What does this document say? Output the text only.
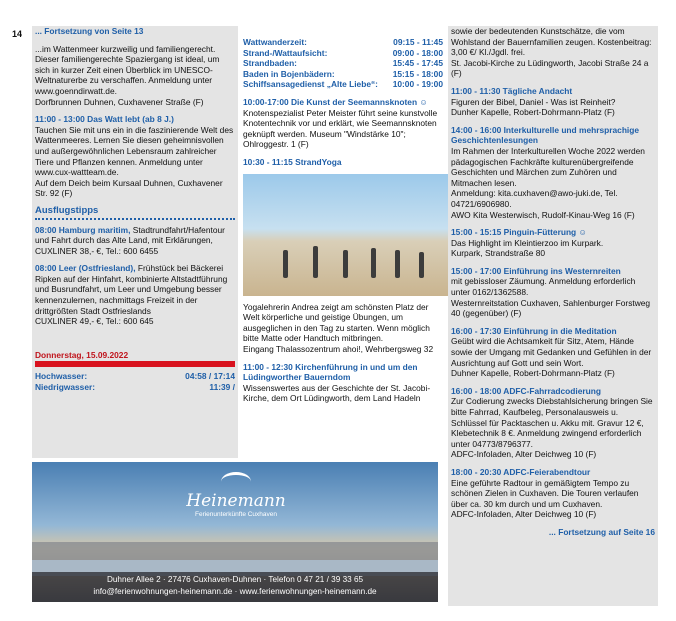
14 ... Fortsetzung von Seite 13
...im Wattenmeer kurzweilig und familiengerecht. Dieser familiengerechte Spaziergang ist ideal, um sich in kurzer Zeit einen Überblick im UNESCO-Weltnaturerbe zu verschaffen. Anmeldung unter www.goenndirwatt.de.
Dorfbrunnen Duhnen, Cuxhavener Straße (F)
11:00 - 13:00 Das Watt lebt (ab 8 J.)
Tauchen Sie mit uns ein in die faszinierende Welt des Wattenmeeres. Lernen Sie diesen geheimnisvollen und außergewöhnlichen Lebensraum zahlreicher Tiere und Pflanzen kennen. Anmeldung unter www.cux-wattteam.de.
Auf dem Deich beim Kursaal Duhnen, Cuxhavener Str. 92 (F)
Ausflugstipps
08:00 Hamburg maritim, Stadtrundfahrt/Hafentour und Fahrt durch das Alte Land, mit Erklärungen, CUXLINER 38,- €, Tel.: 600 6455
08:00 Leer (Ostfriesland), Frühstück bei Bäckerei Ripken auf der Hinfahrt, kombinierte Altstadtführung und Busrundfahrt, um Leer und Umgebung besser kennenzulernen, nachmittags Freizeit in der drittgrößten Stadt Ostfrieslands
CUXLINER 49,- €, Tel.: 600 645
Donnerstag, 15.09.2022
Hochwasser:	04:58 / 17:14
Niedrigwasser:	11:39 /
Wattwanderzeit:	09:15 - 11:45
Strand-/Wattaufsicht:	09:00 - 18:00
Strandbaden:	15:45 - 17:45
Baden in Bojenbädern:	15:15 - 18:00
Schiffsansagedienst „Alte Liebe“:	10:00 - 19:00
10:00-17:00 Die Kunst der Seemannsknoten ☺
Knotenspezialist Peter Meister führt seine kunstvolle Knotentechnik vor und erklärt, wie Seemannsknoten geknüpft werden. Museum "Windstärke 10"; Ohlroggestr. 1 (F)
10:30 - 11:15 StrandYoga
Yogalehrerin Andrea zeigt am schönsten Platz der Welt körperliche und geistige Übungen, um ausgeglichen in den Tag zu starten. Wenn möglich bitte Matte oder Handtuch mitbringen.
Eingang Thalassozentrum ahoi!, Wehrbergsweg 32
11:00 - 12:30 Kirchenführung in und um den Lüdingworther Bauerndom
Wissenswertes aus der Geschichte der St. Jacobi-Kirche, dem Ort Lüdingworth, dem Land Hadeln
sowie der bedeutenden Kunstschätze, die vom Wohlstand der Bauernfamilien zeugen. Kostenbeitrag: 3,00 €/ Kl./Jgdl. frei.
St. Jacobi-Kirche zu Lüdingworth, Jacobi Straße 24 a (F)
11:00 - 11:30 Tägliche Andacht
Figuren der Bibel, Daniel - Was ist Reinheit?
Dunher Kapelle, Robert-Dohrmann-Platz (F)
14:00 - 16:00 Interkulturelle und mehrsprachige Geschichtenlesungen
Im Rahmen der Interkulturellen Woche 2022 werden pädagogischen Fachkräfte kulturenübergreifende Geschichten und Märchen zum Zuhören und Mitmachen lesen.
Anmeldung: kita.cuxhaven@awo-juki.de, Tel. 04721/6906980.
AWO Kita Westerwisch, Rudolf-Kinau-Weg 16 (F)
15:00 - 15:15 Pinguin-Fütterung ☺
Das Highlight im Kleintierzoo im Kurpark.
Kurpark, Strandstraße 80
15:00 - 17:00 Einführung ins Westernreiten
mit gebissloser Zäumung. Anmeldung erforderlich unter 0162/1362588.
Westernreitstation Cuxhaven, Sahlenburger Forstweg 40 (gegenüber) (F)
16:00 - 17:30 Einführung in die Meditation
Geübt wird die Achtsamkeit für Sitz, Atem, Hände sowie der Umgang mit Gedanken und Gefühlen in der Ausrichtung auf Gott und sein Wort.
Duhner Kapelle, Robert-Dohrmann-Platz (F)
16:00 - 18:00 ADFC-Fahrradcodierung
Zur Codierung zwecks Diebstahlsicherung bringen Sie bitte Fahrrad, Kaufbeleg, Personalausweis u. Schlüssel für Packtaschen u. Akku mit. Gravur 12 €, Klebetechnik 8 €. Anmeldung zwingend erforderlich unter 04773/8796377.
ADFC-Infoladen, Alter Deichweg 10 (F)
18:00 - 20:30 ADFC-Feierabendtour
Eine geführte Radtour in gemäßigtem Tempo zu schönen Zielen in Cuxhaven. Die Touren verlaufen über ca. 30 km durch und um Cuxhaven.
ADFC-Infoladen, Alter Deichweg 10 (F)
... Fortsetzung auf Seite 16
Heinemann
Ferienunterkünfte Cuxhaven
Duhner Allee 2 · 27476 Cuxhaven-Duhnen · Telefon 0 47 21 / 39 33 65
info@ferienwohnungen-heinemann.de · www.ferienwohnungen-heinemann.de
